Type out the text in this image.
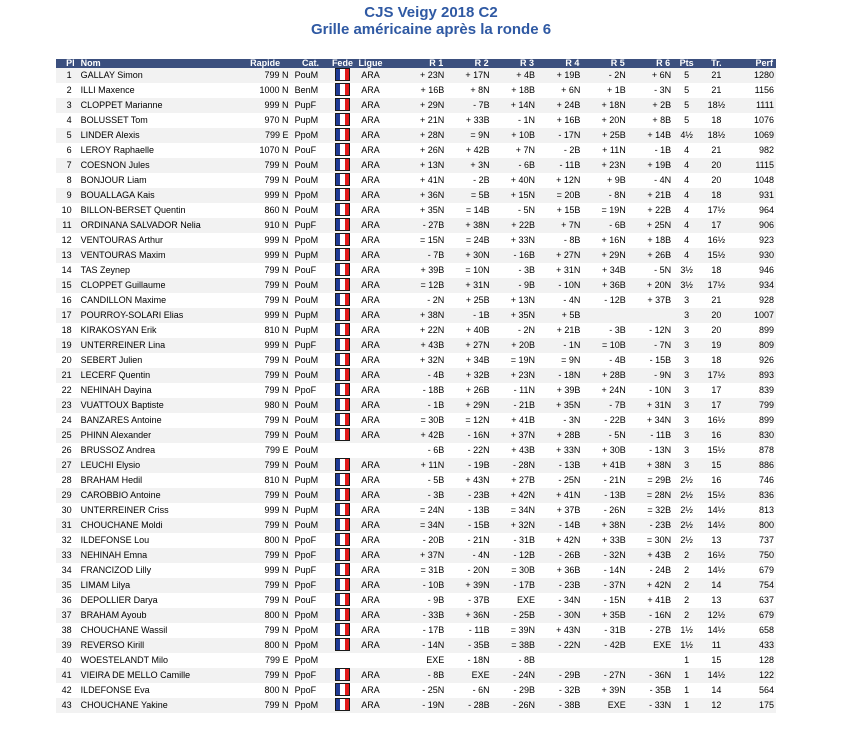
CJS Veigy 2018 C2
Grille américaine après la ronde 6
Pl	Nom	Rapide	Cat.	Fede	Ligue	R 1	R 2	R 3	R 4	R 5	R 6	Pts	Tr.	Perf
1	GALLAY Simon	799 N	PouM		ARA	+ 23N	+ 17N	+ 4B	+ 19B	- 2N	+ 6N	5	21	1280
2	ILLI Maxence	1000 N	BenM		ARA	+ 16B	+ 8N	+ 18B	+ 6N	+ 1B	- 3N	5	21	1156
3	CLOPPET Marianne	999 N	PupF		ARA	+ 29N	- 7B	+ 14N	+ 24B	+ 18N	+ 2B	5	18½	1111
4	BOLUSSET Tom	970 N	PupM		ARA	+ 21N	+ 33B	- 1N	+ 16B	+ 20N	+ 8B	5	18	1076
5	LINDER Alexis	799 E	PpoM		ARA	+ 28N	= 9N	+ 10B	- 17N	+ 25B	+ 14B	4½	18½	1069
6	LEROY Raphaelle	1070 N	PouF		ARA	+ 26N	+ 42B	+ 7N	- 2B	+ 11N	- 1B	4	21	982
7	COESNON Jules	799 N	PouM		ARA	+ 13N	+ 3N	- 6B	- 11B	+ 23N	+ 19B	4	20	1115
8	BONJOUR Liam	799 N	PouM		ARA	+ 41N	- 2B	+ 40N	+ 12N	+ 9B	- 4N	4	20	1048
9	BOUALLAGA Kais	999 N	PpoM		ARA	+ 36N	= 5B	+ 15N	= 20B	- 8N	+ 21B	4	18	931
10	BILLON-BERSET Quentin	860 N	PouM		ARA	+ 35N	= 14B	- 5N	+ 15B	= 19N	+ 22B	4	17½	964
11	ORDINANA SALVADOR Nelia	910 N	PupF		ARA	- 27B	+ 38N	+ 22B	+ 7N	- 6B	+ 25N	4	17	906
12	VENTOURAS Arthur	999 N	PpoM		ARA	= 15N	= 24B	+ 33N	- 8B	+ 16N	+ 18B	4	16½	923
13	VENTOURAS Maxim	999 N	PupM		ARA	- 7B	+ 30N	- 16B	+ 27N	+ 29N	+ 26B	4	15½	930
14	TAS Zeynep	799 N	PouF		ARA	+ 39B	= 10N	- 3B	+ 31N	+ 34B	- 5N	3½	18	946
15	CLOPPET Guillaume	799 N	PouM		ARA	= 12B	+ 31N	- 9B	- 10N	+ 36B	+ 20N	3½	17½	934
16	CANDILLON Maxime	799 N	PouM		ARA	- 2N	+ 25B	+ 13N	- 4N	- 12B	+ 37B	3	21	928
17	POURROY-SOLARI Elias	999 N	PupM		ARA	+ 38N	- 1B	+ 35N	+ 5B			3	20	1007
18	KIRAKOSYAN Erik	810 N	PupM		ARA	+ 22N	+ 40B	- 2N	+ 21B	- 3B	- 12N	3	20	899
19	UNTERREINER Lina	999 N	PupF		ARA	+ 43B	+ 27N	+ 20B	- 1N	= 10B	- 7N	3	19	809
20	SEBERT Julien	799 N	PouM		ARA	+ 32N	+ 34B	= 19N	= 9N	- 4B	- 15B	3	18	926
21	LECERF Quentin	799 N	PouM		ARA	- 4B	+ 32B	+ 23N	- 18N	+ 28B	- 9N	3	17½	893
22	NEHINAH Dayina	799 N	PpoF		ARA	- 18B	+ 26B	- 11N	+ 39B	+ 24N	- 10N	3	17	839
23	VUATTOUX Baptiste	980 N	PouM		ARA	- 1B	+ 29N	- 21B	+ 35N	- 7B	+ 31N	3	17	799
24	BANZARES Antoine	799 N	PouM		ARA	= 30B	= 12N	+ 41B	- 3N	- 22B	+ 34N	3	16½	899
25	PHINN Alexander	799 N	PouM		ARA	+ 42B	- 16N	+ 37N	+ 28B	- 5N	- 11B	3	16	830
26	BRUSSOZ Andrea	799 E	PouM			- 6B	- 22N	+ 43B	+ 33N	+ 30B	- 13N	3	15½	878
27	LEUCHI Elysio	799 N	PouM		ARA	+ 11N	- 19B	- 28N	- 13B	+ 41B	+ 38N	3	15	886
28	BRAHAM Hedil	810 N	PupM		ARA	- 5B	+ 43N	+ 27B	- 25N	- 21N	= 29B	2½	16	746
29	CAROBBIO Antoine	799 N	PouM		ARA	- 3B	- 23B	+ 42N	+ 41N	- 13B	= 28N	2½	15½	836
30	UNTERREINER Criss	999 N	PupM		ARA	= 24N	- 13B	= 34N	+ 37B	- 26N	= 32B	2½	14½	813
31	CHOUCHANE Moldi	799 N	PouM		ARA	= 34N	- 15B	+ 32N	- 14B	+ 38N	- 23B	2½	14½	800
32	ILDEFONSE Lou	800 N	PpoF		ARA	- 20B	- 21N	- 31B	+ 42N	+ 33B	= 30N	2½	13	737
33	NEHINAH Emna	799 N	PpoF		ARA	+ 37N	- 4N	- 12B	- 26B	- 32N	+ 43B	2	16½	750
34	FRANCIZOD Lilly	999 N	PupF		ARA	= 31B	- 20N	= 30B	+ 36B	- 14N	- 24B	2	14½	679
35	LIMAM Lilya	799 N	PpoF		ARA	- 10B	+ 39N	- 17B	- 23B	- 37N	+ 42N	2	14	754
36	DEPOLLIER Darya	799 N	PouF		ARA	- 9B	- 37B	EXE	- 34N	- 15N	+ 41B	2	13	637
37	BRAHAM Ayoub	800 N	PpoM		ARA	- 33B	+ 36N	- 25B	- 30N	+ 35B	- 16N	2	12½	679
38	CHOUCHANE Wassil	799 N	PpoM		ARA	- 17B	- 11B	= 39N	+ 43N	- 31B	- 27B	1½	14½	658
39	REVERSO Kirill	800 N	PpoM		ARA	- 14N	- 35B	= 38B	- 22N	- 42B	EXE	1½	11	433
40	WOESTELANDT Milo	799 E	PpoM			EXE	- 18N	- 8B				1	15	128
41	VIEIRA DE MELLO Camille	799 N	PpoF		ARA	- 8B	EXE	- 24N	- 29B	- 27N	- 36N	1	14½	122
42	ILDEFONSE Eva	800 N	PpoF		ARA	- 25N	- 6N	- 29B	- 32B	+ 39N	- 35B	1	14	564
43	CHOUCHANE Yakine	799 N	PpoM		ARA	- 19N	- 28B	- 26N	- 38B	EXE	- 33N	1	12	175
